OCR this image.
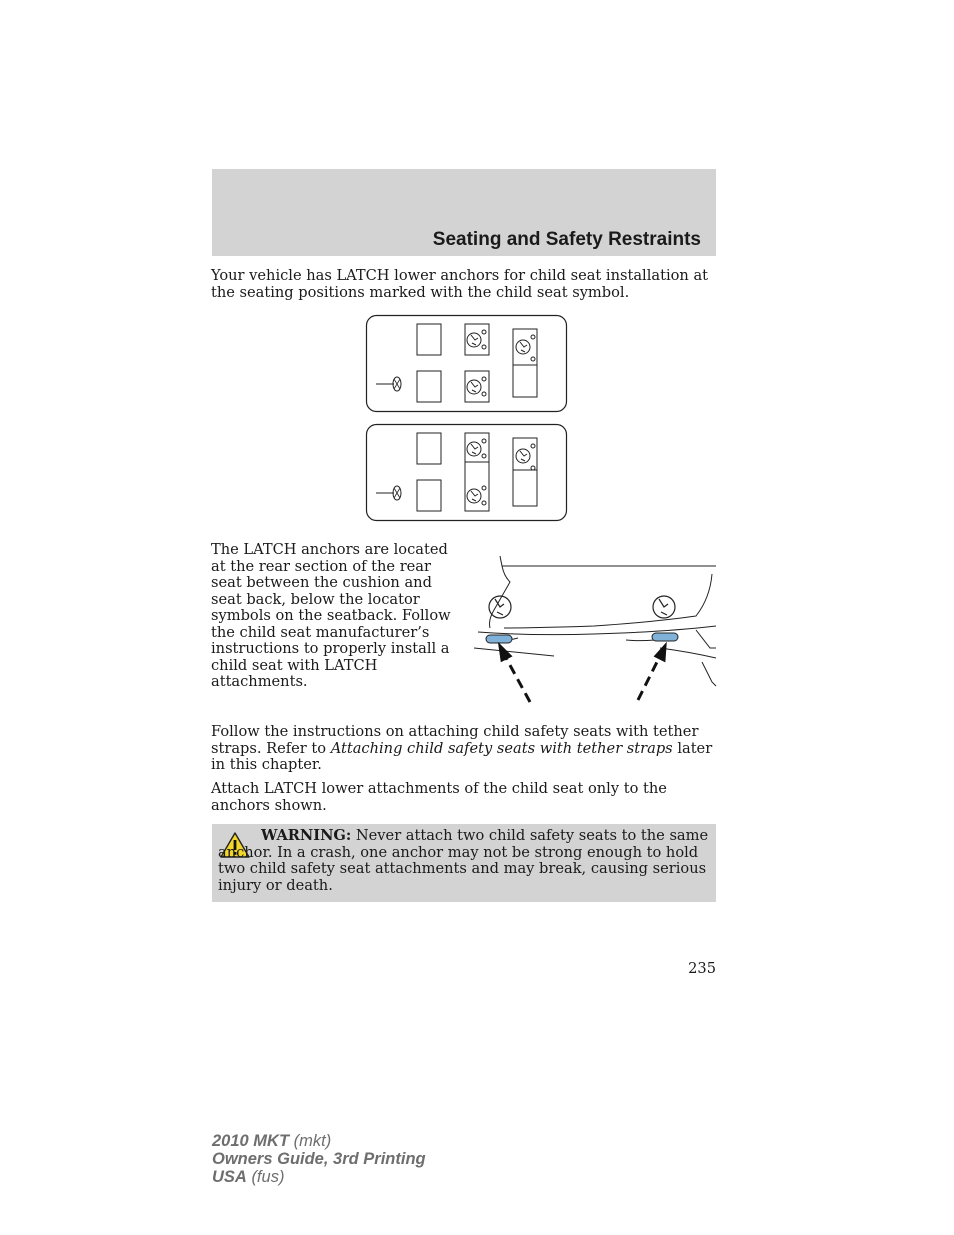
Seating and Safety Restraints

Your vehicle has LATCH lower anchors for child seat installation at the seating positions marked with the child seat symbol.

The LATCH anchors are located at the rear section of the rear seat between the cushion and seat back, below the locator symbols on the seatback. Follow the child seat manufacturer’s instructions to properly install a child seat with LATCH attachments.

Follow the instructions on attaching child safety seats with tether straps. Refer to Attaching child safety seats with tether straps later in this chapter.

Attach LATCH lower attachments of the child seat only to the anchors shown.

WARNING: Never attach two child safety seats to the same anchor. In a crash, one anchor may not be strong enough to hold two child safety seat attachments and may break, causing serious injury or death.
235
2010 MKT (mkt)
Owners Guide, 3rd Printing
USA (fus)
